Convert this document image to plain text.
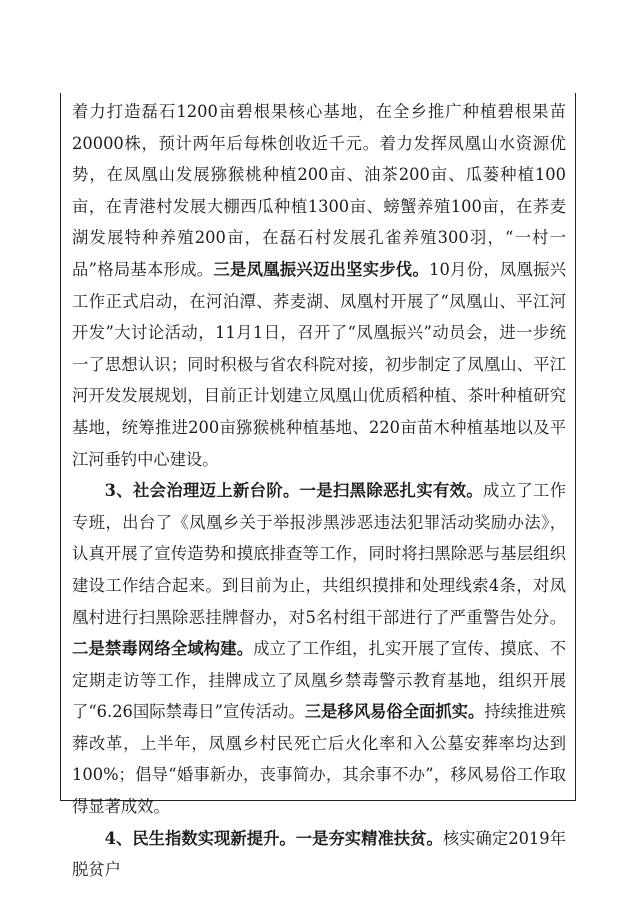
着力打造磊石1200亩碧根果核心基地，在全乡推广种植碧根果苗20000株，预计两年后每株创收近千元。着力发挥凤凰山水资源优势，在凤凰山发展猕猴桃种植200亩、油茶200亩、瓜蒌种植100亩，在青港村发展大棚西瓜种植1300亩、螃蟹养殖100亩，在荞麦湖发展特种养殖200亩，在磊石村发展孔雀养殖300羽，“一村一品”格局基本形成。三是凤凰振兴迈出坚实步伐。10月份，凤凰振兴工作正式启动，在河泊潭、荞麦湖、凤凰村开展了“凤凰山、平江河开发”大讨论活动，11月1日，召开了“凤凰振兴”动员会，进一步统一了思想认识；同时积极与省农科院对接，初步制定了凤凰山、平江河开发发展规划，目前正计划建立凤凰山优质稻种植、茶叶种植研究基地，统筹推进200亩猕猴桃种植基地、220亩苗木种植基地以及平江河垂钓中心建设。

3、社会治理迈上新台阶。一是扫黑除恶扎实有效。成立了工作专班，出台了《凤凰乡关于举报涉黑涉恶违法犯罪活动奖励办法》，认真开展了宣传造势和摸底排查等工作，同时将扫黑除恶与基层组织建设工作结合起来。到目前为止，共组织摸排和处理线索4条，对凤凰村进行扫黑除恶挂牌督办，对5名村组干部进行了严重警告处分。二是禁毒网络全域构建。成立了工作组，扎实开展了宣传、摸底、不定期走访等工作，挂牌成立了凤凰乡禁毒警示教育基地，组织开展了“6.26国际禁毒日”宣传活动。三是移风易俗全面抓实。持续推进殡葬改革，上半年，凤凰乡村民死亡后火化率和入公墓安葬率均达到100%；倡导“婚事新办，丧事简办，其余事不办”，移风易俗工作取得显著成效。

4、民生指数实现新提升。一是夯实精准扶贫。核实确定2019年脱贫户
